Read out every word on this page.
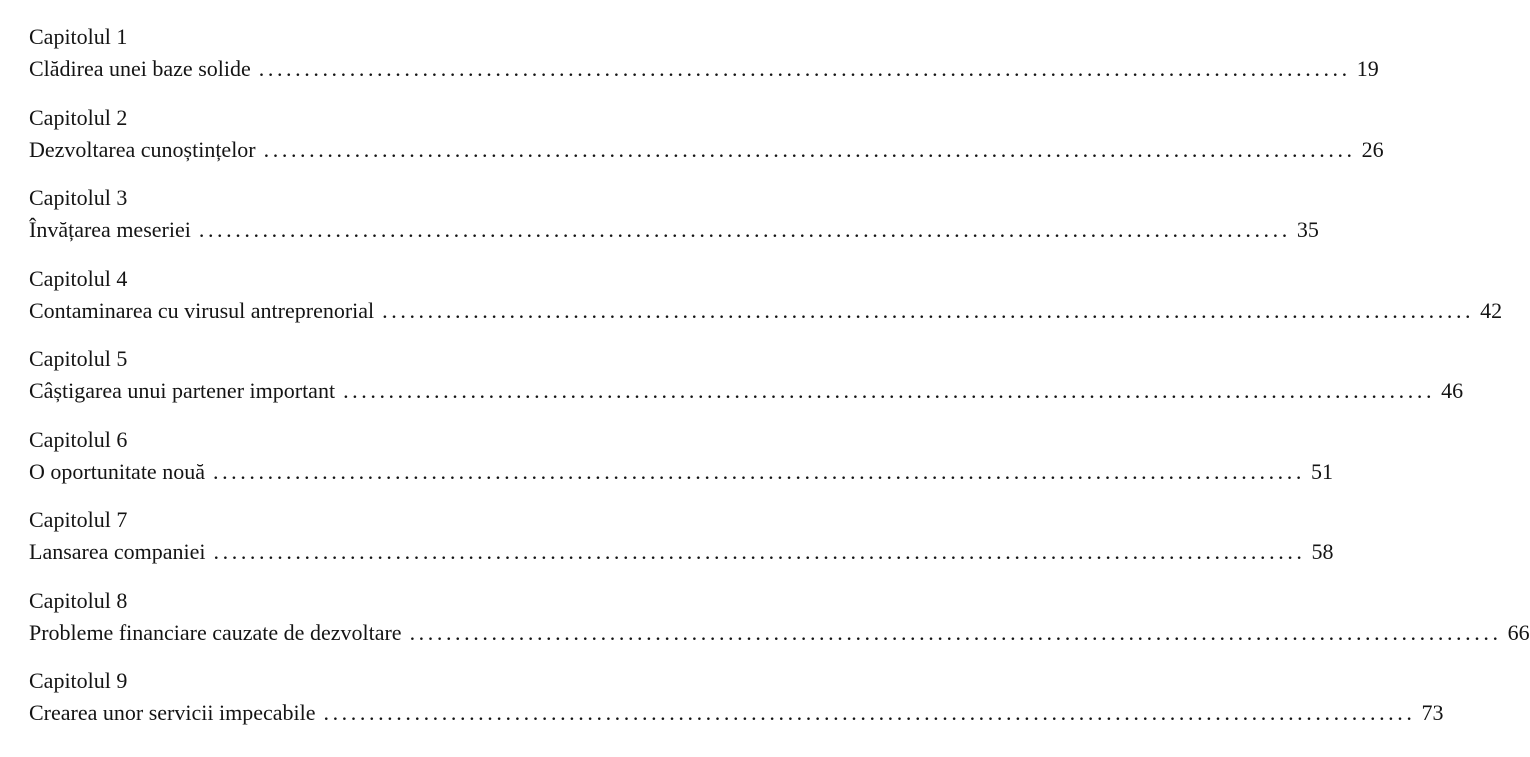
Capitolul 1
Clădirea unei baze solide ........................................................................................................................ 19
Capitolul 2
Dezvoltarea cunoștințelor ........................................................................................................................ 26
Capitolul 3
Învățarea meseriei ........................................................................................................................ 35
Capitolul 4
Contaminarea cu virusul antreprenorial ........................................................................................................................ 42
Capitolul 5
Câștigarea unui partener important ........................................................................................................................ 46
Capitolul 6
O oportunitate nouă ........................................................................................................................ 51
Capitolul 7
Lansarea companiei ........................................................................................................................ 58
Capitolul 8
Probleme financiare cauzate de dezvoltare ........................................................................................................................ 66
Capitolul 9
Crearea unor servicii impecabile ........................................................................................................................ 73
